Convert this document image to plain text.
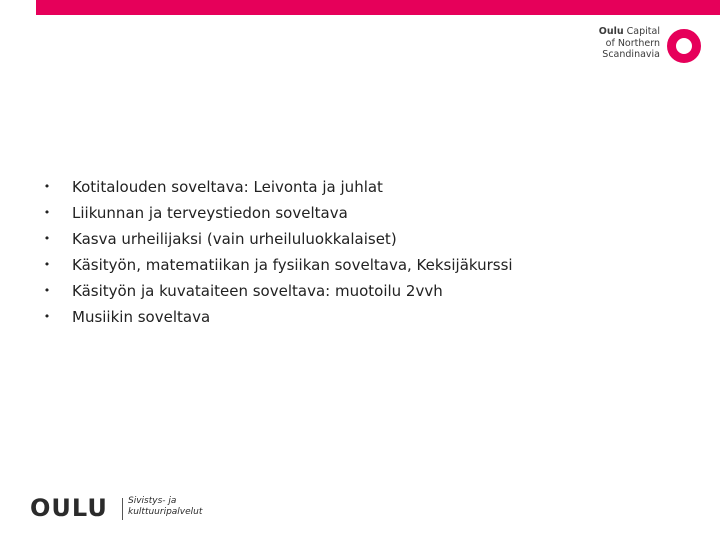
Oulu Capital
of Northern
Scandinavia
• Kotitalouden soveltava: Leivonta ja juhlat
• Liikunnan ja terveystiedon soveltava
• Kasva urheilijaksi (vain urheiluluokkalaiset)
• Käsityön, matematiikan ja fysiikan soveltava, Keksijäkurssi
• Käsityön ja kuvataiteen soveltava: muotoilu 2vvh
• Musiikin soveltava
OULU Sivistys- ja
kulttuuripalvelut
